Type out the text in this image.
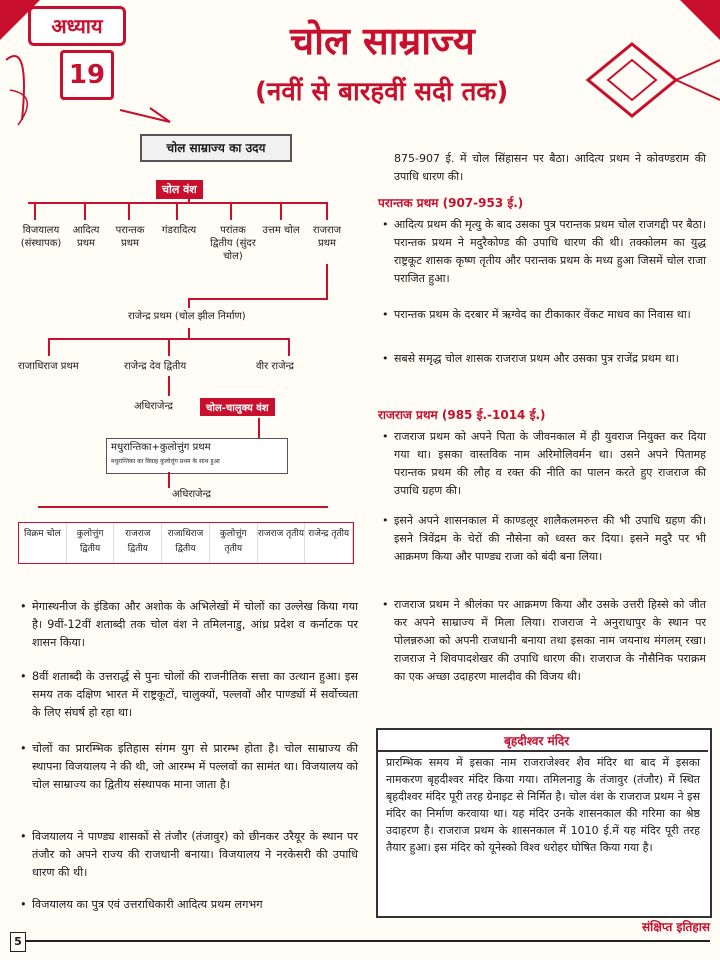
अध्याय
19
चोल साम्राज्य
(नवीं से बारहवीं सदी तक)
चोल साम्राज्य का उदय
चोल वंश
विजयालय (संस्थापक)
आदित्य प्रथम
परान्तक प्रथम
गंडरादित्य	परांतक द्वितीय (सुंदर चोल)
उत्तम चोल	राजराज प्रथम
राजेन्द्र प्रथम (चोल झील निर्माण)
राजाधिराज प्रथम	राजेन्द्र देव द्वितीय	वीर राजेन्द्र
अधिराजेन्द्र	चोल-चालुक्य वंश
मधुरान्तिका+कुलोत्तुंग प्रथम
मधुरान्तिका का विवाह कुलोत्तुंग प्रथम के साथ हुआ
अधिराजेन्द्र
विक्रम चोल	कुलोत्तुंग द्वितीय
राजराज द्वितीय
राजाधिराज द्वितीय
कुलोत्तुंग तृतीय
राजराज तृतीय राजेन्द्र तृतीय
• मेगास्थनीज के इंडिका और अशोक के अभिलेखों में चोलों का उल्लेख किया गया है। 9वीं-12वीं शताब्दी तक चोल वंश ने तमिलनाडु, आंध्र प्रदेश व कर्नाटक पर शासन किया।
• 8वीं शताब्दी के उत्तरार्द्ध से पुनः चोलों की राजनीतिक सत्ता का उत्थान हुआ। इस समय तक दक्षिण भारत में राष्ट्रकूटों, चालुक्यों, पल्लवों और पाण्ड्यों में सर्वोच्चता के लिए संघर्ष हो रहा था।
• चोलों का प्रारम्भिक इतिहास संगम युग से प्रारम्भ होता है। चोल साम्राज्य की स्थापना विजयालय ने की थी, जो आरम्भ में पल्लवों का सामंत था। विजयालय को चोल साम्राज्य का द्वितीय संस्थापक माना जाता है।
• विजयालय ने पाण्ड्य शासकों से तंजौर (तंजावुर) को छीनकर उरैयूर के स्थान पर तंजौर को अपने राज्य की राजधानी बनाया। विजयालय ने नरकेसरी की उपाधि धारण की थी।
• विजयालय का पुत्र एवं उत्तराधिकारी आदित्य प्रथम लगभग
875-907 ई. में चोल सिंहासन पर बैठा। आदित्य प्रथम ने कोवण्डराम की उपाधि धारण की।
परान्तक प्रथम (907-953 ई.)
• आदित्य प्रथम की मृत्यु के बाद उसका पुत्र परान्तक प्रथम चोल राजगद्दी पर बैठा। परान्तक प्रथम ने मदुरैकोण्ड की उपाधि धारण की थी। तक्कोलम का युद्ध राष्ट्रकूट शासक कृष्ण तृतीय और परान्तक प्रथम के मध्य हुआ जिसमें चोल राजा पराजित हुआ।
• परान्तक प्रथम के दरबार में ऋग्वेद का टीकाकार वेंकट माधव का निवास था।
• सबसे समृद्ध चोल शासक राजराज प्रथम और उसका पुत्र राजेंद्र प्रथम था।
राजराज प्रथम (985 ई.-1014 ई.)
• राजराज प्रथम को अपने पिता के जीवनकाल में ही युवराज नियुक्त कर दिया गया था। इसका वास्तविक नाम अरिमोलिवर्मन था। उसने अपने पितामह परान्तक प्रथम की लौह व रक्त की नीति का पालन करते हुए राजराज की उपाधि ग्रहण की।
• इसने अपने शासनकाल में काण्डलूर शालैकलमरुत्त की भी उपाधि ग्रहण की। इसने त्रिवेंद्रम के चेरों की नौसेना को ध्वस्त कर दिया। इसने मदुरै पर भी आक्रमण किया और पाण्ड्य राजा को बंदी बना लिया।
• राजराज प्रथम ने श्रीलंका पर आक्रमण किया और उसके उत्तरी हिस्से को जीत कर अपने साम्राज्य में मिला लिया। राजराज ने अनुराधापुर के स्थान पर पोलन्नरुआ को अपनी राजधानी बनाया तथा इसका नाम जयनाथ मंगलम् रखा। राजराज ने शिवपादशेखर की उपाधि धारण की। राजराज के नौसैनिक पराक्रम का एक अच्छा उदाहरण मालदीव की विजय थी।
बृहदीश्वर मंदिर
प्रारम्भिक समय में इसका नाम राजराजेश्वर शैव मंदिर था बाद में इसका नामकरण बृहदीश्वर मंदिर किया गया। तमिलनाडु के तंजावुर (तंजौर) में स्थित बृहदीश्वर मंदिर पूरी तरह ग्रेनाइट से निर्मित है। चोल वंश के राजराज प्रथम ने इस मंदिर का निर्माण करवाया था। यह मंदिर उनके शासनकाल की गरिमा का श्रेष्ठ उदाहरण है। राजराज प्रथम के शासनकाल में 1010 ई.में यह मंदिर पूरी तरह तैयार हुआ। इस मंदिर को यूनेस्को विश्व धरोहर घोषित किया गया है।
5
संक्षिप्त इतिहास
